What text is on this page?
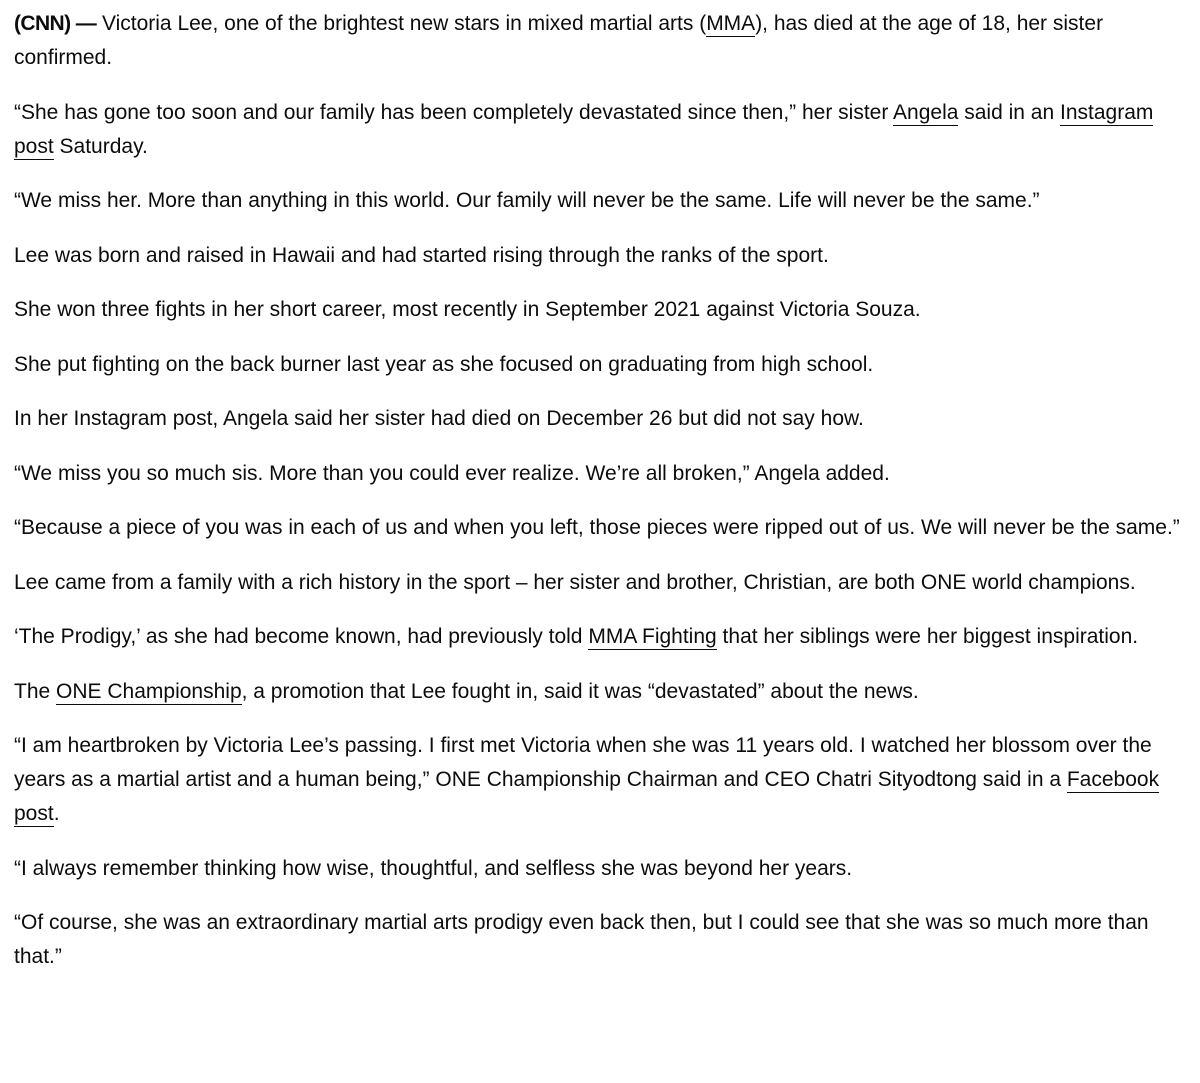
(CNN) — Victoria Lee, one of the brightest new stars in mixed martial arts (MMA), has died at the age of 18, her sister confirmed.

“She has gone too soon and our family has been completely devastated since then,” her sister Angela said in an Instagram post Saturday.

“We miss her. More than anything in this world. Our family will never be the same. Life will never be the same.”

Lee was born and raised in Hawaii and had started rising through the ranks of the sport.

She won three fights in her short career, most recently in September 2021 against Victoria Souza.

She put fighting on the back burner last year as she focused on graduating from high school.

In her Instagram post, Angela said her sister had died on December 26 but did not say how.

“We miss you so much sis. More than you could ever realize. We’re all broken,” Angela added.

“Because a piece of you was in each of us and when you left, those pieces were ripped out of us. We will never be the same.”

Lee came from a family with a rich history in the sport – her sister and brother, Christian, are both ONE world champions.

‘The Prodigy,’ as she had become known, had previously told MMA Fighting that her siblings were her biggest inspiration.

The ONE Championship, a promotion that Lee fought in, said it was “devastated” about the news.

“I am heartbroken by Victoria Lee’s passing. I first met Victoria when she was 11 years old. I watched her blossom over the years as a martial artist and a human being,” ONE Championship Chairman and CEO Chatri Sityodtong said in a Facebook post.

“I always remember thinking how wise, thoughtful, and selfless she was beyond her years.

“Of course, she was an extraordinary martial arts prodigy even back then, but I could see that she was so much more than that.”
